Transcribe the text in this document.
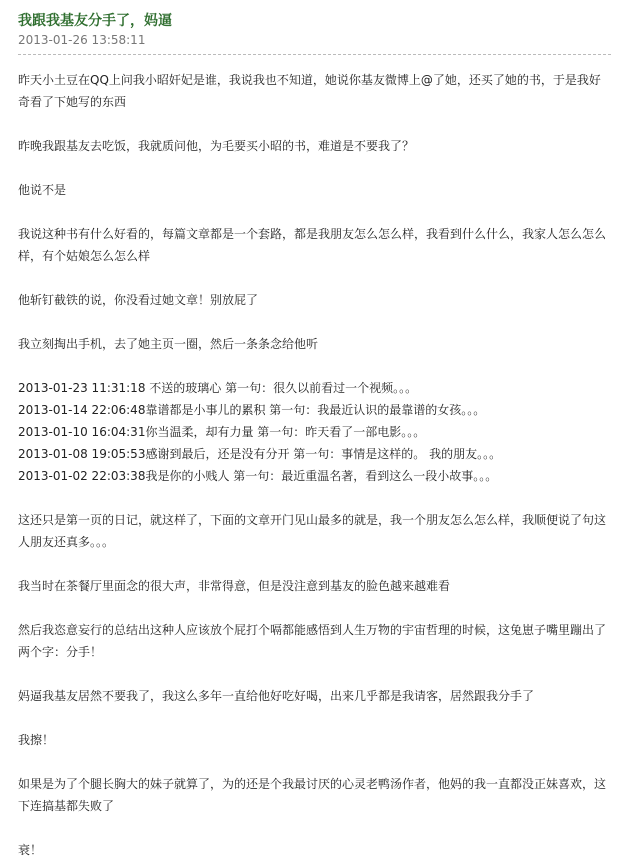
我跟我基友分手了，妈逼
2013-01-26 13:58:11

昨天小土豆在QQ上问我小昭奸妃是谁，我说我也不知道，她说你基友微博上@了她，还买了她的书，于是我好奇看了下她写的东西

昨晚我跟基友去吃饭，我就质问他，为毛要买小昭的书，难道是不要我了？

他说不是

我说这种书有什么好看的，每篇文章都是一个套路，都是我朋友怎么怎么样，我看到什么什么，我家人怎么怎么样，有个姑娘怎么怎么样

他斩钉截铁的说，你没看过她文章！别放屁了

我立刻掏出手机，去了她主页一圈，然后一条条念给他听

2013-01-23 11:31:18 不送的玻璃心 第一句：很久以前看过一个视频。。。

2013-01-14 22:06:48靠谱都是小事儿的累积 第一句：我最近认识的最靠谱的女孩。。。

2013-01-10 16:04:31你当温柔，却有力量 第一句：昨天看了一部电影。。。

2013-01-08 19:05:53感谢到最后，还是没有分开 第一句：事情是这样的。 我的朋友。。。

2013-01-02 22:03:38我是你的小贱人 第一句：最近重温名著，看到这么一段小故事。。。

这还只是第一页的日记，就这样了，下面的文章开门见山最多的就是，我一个朋友怎么怎么样，我顺便说了句这人朋友还真多。。。

我当时在茶餐厅里面念的很大声，非常得意，但是没注意到基友的脸色越来越难看

然后我恣意妄行的总结出这种人应该放个屁打个嗝都能感悟到人生万物的宇宙哲理的时候，这兔崽子嘴里蹦出了两个字：分手！

妈逼我基友居然不要我了，我这么多年一直给他好吃好喝，出来几乎都是我请客，居然跟我分手了

我擦！

如果是为了个腿长胸大的妹子就算了，为的还是个我最讨厌的心灵老鸭汤作者，他妈的我一直都没正妹喜欢，这下连搞基都失败了

衰！
